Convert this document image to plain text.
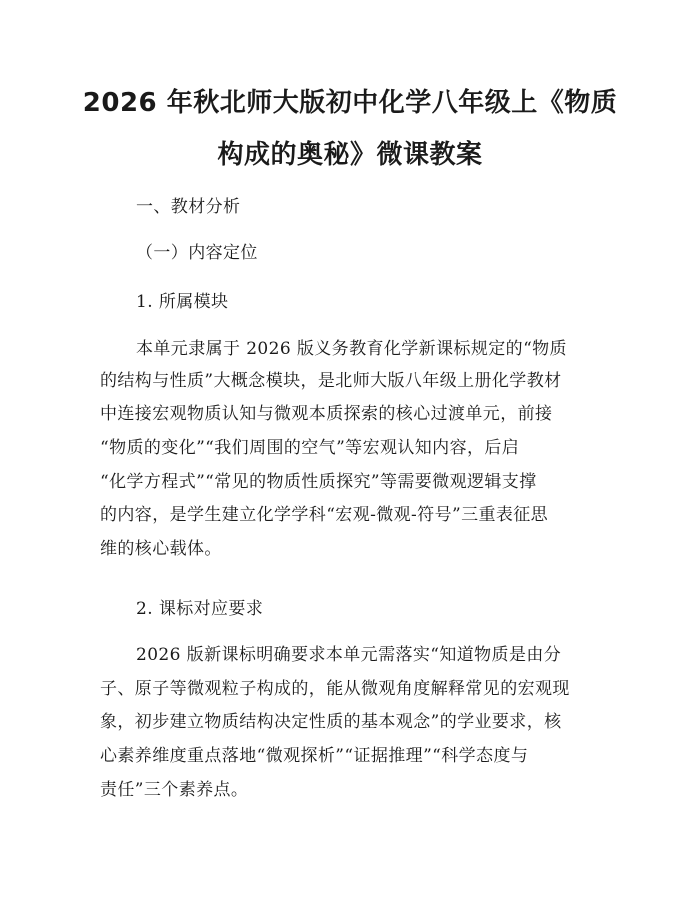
2026 年秋北师大版初中化学八年级上《物质
构成的奥秘》微课教案

一、教材分析

（一）内容定位

1. 所属模块

本单元隶属于 2026 版义务教育化学新课标规定的“物质

的结构与性质”大概念模块，是北师大版八年级上册化学教材

中连接宏观物质认知与微观本质探索的核心过渡单元，前接

“物质的变化”“我们周围的空气”等宏观认知内容，后启

“化学方程式”“常见的物质性质探究”等需要微观逻辑支撑

的内容，是学生建立化学学科“宏观-微观-符号”三重表征思

维的核心载体。

2. 课标对应要求

2026 版新课标明确要求本单元需落实“知道物质是由分

子、原子等微观粒子构成的，能从微观角度解释常见的宏观现

象，初步建立物质结构决定性质的基本观念”的学业要求，核

心素养维度重点落地“微观探析”“证据推理”“科学态度与

责任”三个素养点。
